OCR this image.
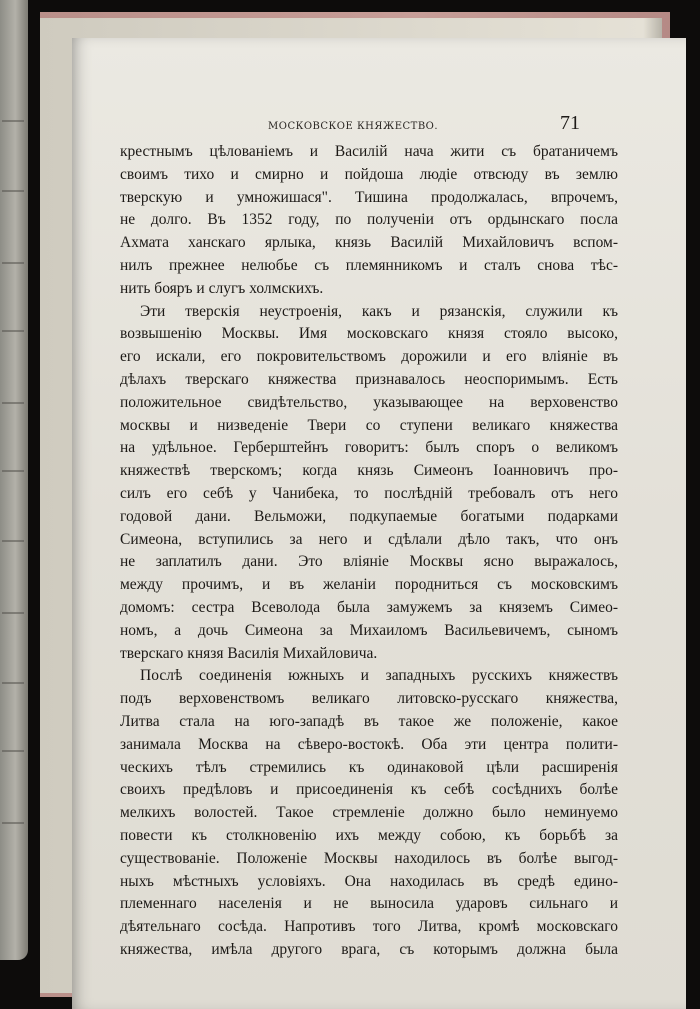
МОСКОВСКОЕ КНЯЖЕСТВО.	71
крестнымъ цѣлованіемъ и Василій нача жити съ братаничемъ
своимъ тихо и смирно и пойдоша людіе отвсюду въ землю
тверскую и умножишася". Тишина продолжалась, впрочемъ,
не долго. Въ 1352 году, по полученіи отъ ордынскаго посла
Ахмата ханскаго ярлыка, князь Василій Михайловичъ вспом-
нилъ прежнее нелюбье съ племянникомъ и сталъ снова тѣс-
нить бояръ и слугъ холмскихъ.
Эти тверскія неустроенія, какъ и рязанскія, служили къ
возвышенію Москвы. Имя московскаго князя стояло высоко,
его искали, его покровительствомъ дорожили и его вліяніе въ
дѣлахъ тверскаго княжества признавалось неоспоримымъ. Есть
положительное свидѣтельство, указывающее на верховенство
москвы и низведеніе Твери со ступени великаго княжества
на удѣльное. Герберштейнъ говоритъ: былъ споръ о великомъ
княжествѣ тверскомъ; когда князь Симеонъ Іоанновичъ про-
силъ его себѣ у Чанибека, то послѣдній требовалъ отъ него
годовой дани. Вельможи, подкупаемые богатыми подарками
Симеона, вступились за него и сдѣлали дѣло такъ, что онъ
не заплатилъ дани. Это вліяніе Москвы ясно выражалось,
между прочимъ, и въ желаніи породниться съ московскимъ
домомъ: сестра Всеволода была замужемъ за княземъ Симео-
номъ, а дочь Симеона за Михаиломъ Васильевичемъ, сыномъ
тверскаго князя Василія Михайловича.
Послѣ соединенія южныхъ и западныхъ русскихъ княжествъ
подъ верховенствомъ великаго литовско-русскаго княжества,
Литва стала на юго-западѣ въ такое же положеніе, какое
занимала Москва на сѣверо-востокѣ. Оба эти центра полити-
ческихъ тѣлъ стремились къ одинаковой цѣли расширенія
своихъ предѣловъ и присоединенія къ себѣ сосѣднихъ болѣе
мелкихъ волостей. Такое стремленіе должно было неминуемо
повести къ столкновенію ихъ между собою, къ борьбѣ за
существованіе. Положеніе Москвы находилось въ болѣе выгод-
ныхъ мѣстныхъ условіяхъ. Она находилась въ средѣ едино-
племеннаго населенія и не выносила ударовъ сильнаго и
дѣятельнаго сосѣда. Напротивъ того Литва, кромѣ московскаго
княжества, имѣла другого врага, съ которымъ должна была
